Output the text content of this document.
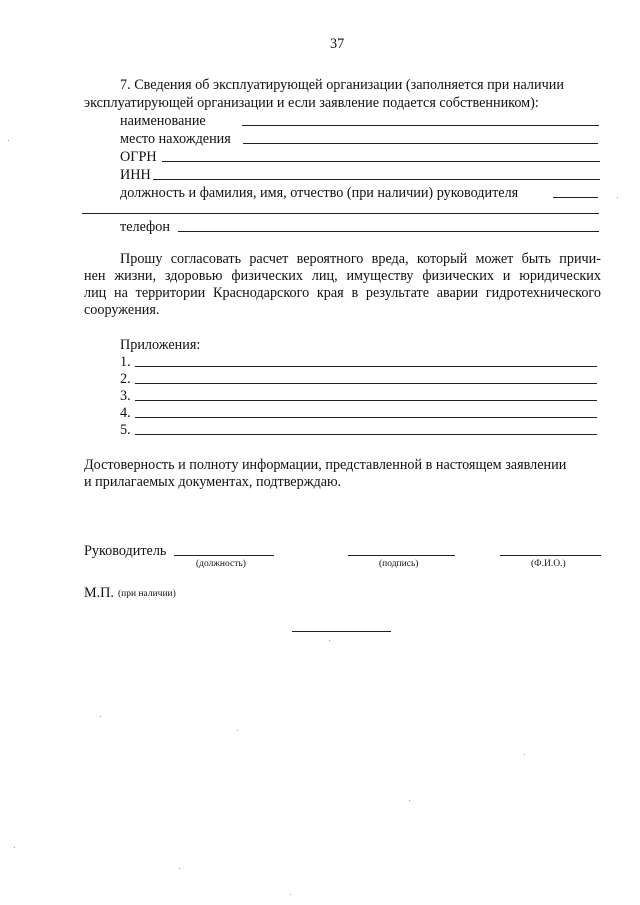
37
7. Сведения об эксплуатирующей организации (заполняется при наличии
эксплуатирующей организации и если заявление подается собственником):
наименование
место нахождения
ОГРН
ИНН
должность и фамилия, имя, отчество (при наличии) руководителя
телефон
Прошу согласовать расчет вероятного вреда, который может быть причи-
нен жизни, здоровью физических лиц, имуществу физических и юридических
лиц на территории Краснодарского края в результате аварии гидротехнического
сооружения.
Приложения:
1.
2.
3.
4.
5.
Достоверность и полноту информации, представленной в настоящем заявлении
и прилагаемых документах, подтверждаю.
Руководитель
(должность)	(подпись)	(Ф.И.О.)
М.П. (при наличии)
